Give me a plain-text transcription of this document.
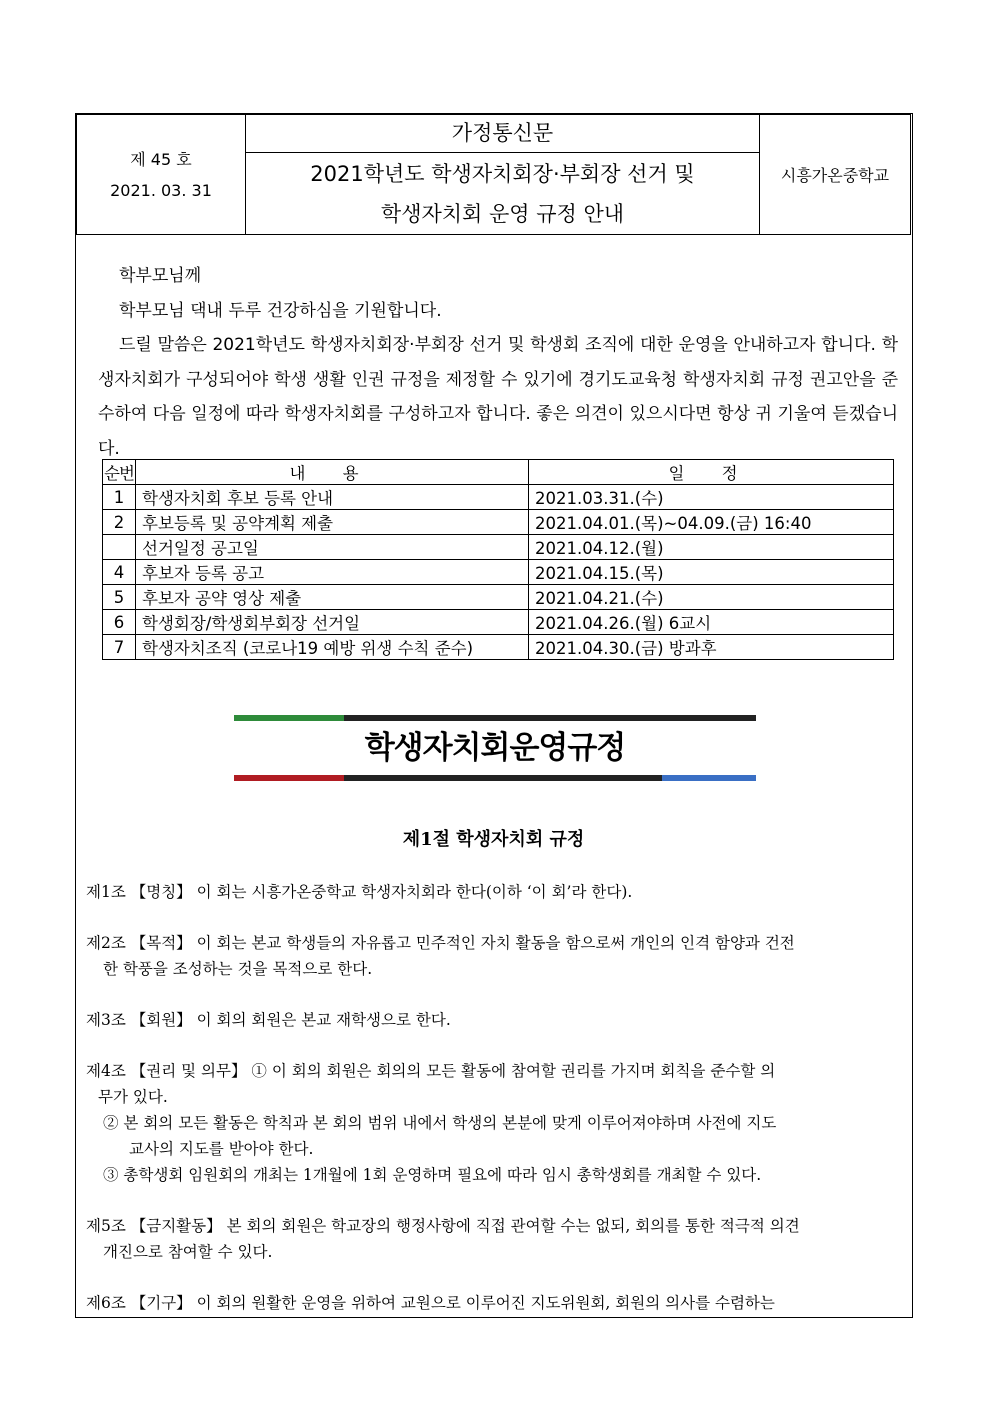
제 45 호
2021. 03. 31

가정통신문
2021학년도 학생자치회장·부회장 선거 및
학생자치회 운영 규정 안내
	시흥가온중학교

학부모님께

학부모님 댁내 두루 건강하심을 기원합니다.

드릴 말씀은 2021학년도 학생자치회장·부회장 선거 및 학생회 조직에 대한 운영을 안내하고자 합니다. 학생자치회가 구성되어야 학생 생활 인권 규정을 제정할 수 있기에 경기도교육청 학생자치회 규정 권고안을 준수하여 다음 일정에 따라 학생자치회를 구성하고자 합니다. 좋은 의견이 있으시다면 항상 귀 기울여 듣겠습니다.

순번	내 용	일 정
1	학생자치회 후보 등록 안내	2021.03.31.(수)
2	후보등록 및 공약계획 제출	2021.04.01.(목)~04.09.(금) 16:40
	선거일정 공고일	2021.04.12.(월)
4	후보자 등록 공고	2021.04.15.(목)
5	후보자 공약 영상 제출	2021.04.21.(수)
6	학생회장/학생회부회장 선거일	2021.04.26.(월) 6교시
7	학생자치조직 (코로나19 예방 위생 수칙 준수)	2021.04.30.(금) 방과후
학생자치회운영규정
제1절 학생자치회 규정

제1조 【명칭】 이 회는 시흥가온중학교 학생자치회라 한다(이하 ‘이 회’라 한다).

제2조 【목적】 이 회는 본교 학생들의 자유롭고 민주적인 자치 활동을 함으로써 개인의 인격 함양과 건전
한 학풍을 조성하는 것을 목적으로 한다.

제3조 【회원】 이 회의 회원은 본교 재학생으로 한다.

제4조 【권리 및 의무】 ① 이 회의 회원은 회의의 모든 활동에 참여할 권리를 가지며 회칙을 준수할 의
무가 있다.
② 본 회의 모든 활동은 학칙과 본 회의 범위 내에서 학생의 본분에 맞게 이루어져야하며 사전에 지도
교사의 지도를 받아야 한다.
③ 총학생회 임원회의 개최는 1개월에 1회 운영하며 필요에 따라 임시 총학생회를 개최할 수 있다.

제5조 【금지활동】 본 회의 회원은 학교장의 행정사항에 직접 관여할 수는 없되, 회의를 통한 적극적 의견
개진으로 참여할 수 있다.

제6조 【기구】 이 회의 원활한 운영을 위하여 교원으로 이루어진 지도위원회, 회원의 의사를 수렴하는
